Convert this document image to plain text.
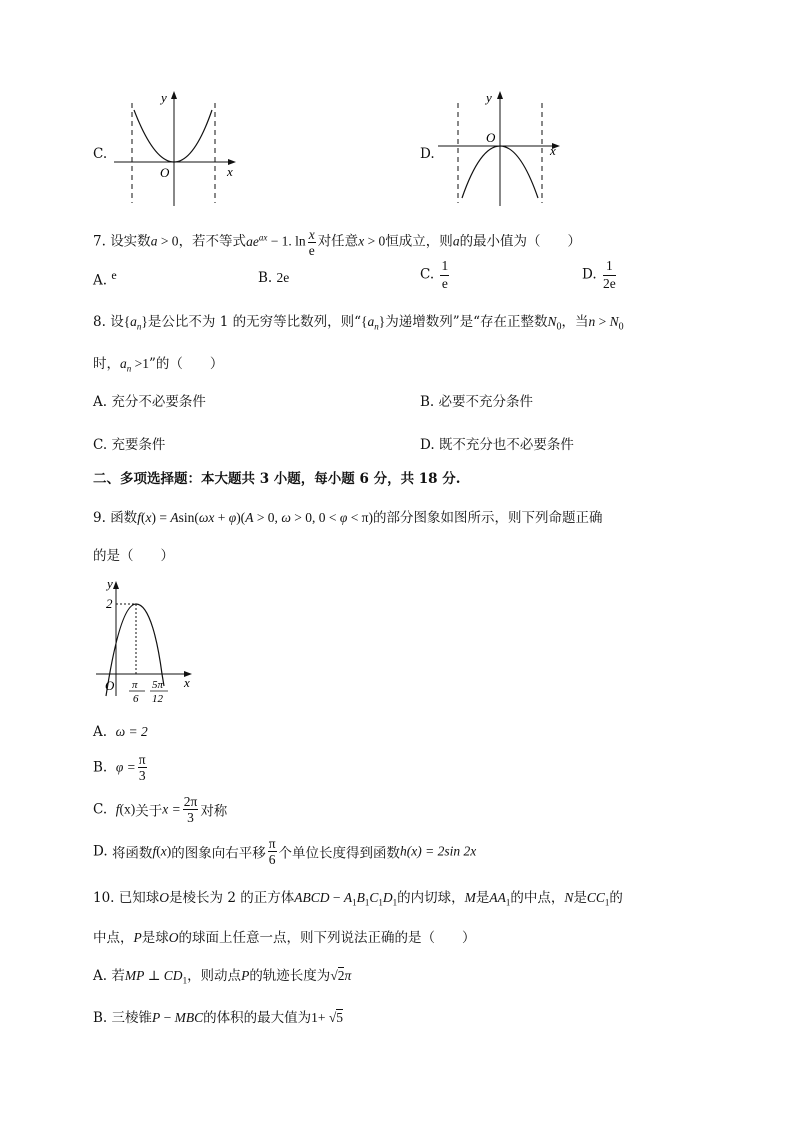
C.
y
x
O
D.
y
x
O
7. 设实数a > 0，若不等式$ae^{ax} - 1$. $\ln \frac{x}{e}$ 对任意x > 0恒成立，则a的最小值为（　　）
A. $^e$	B. 2e	C. $\frac{1}{e}$	D. $\frac{1}{2e}$
8. 设$\{a_n\}$是公比不为 1 的无穷等比数列，则“$\{a_n\}$为递增数列”是“存在正整数$N_0$，当$n > N_0$
时，$a_n >1$”的（　　）
A. 充分不必要条件	B. 必要不充分条件
C. 充要条件	D. 既不充分也不必要条件
二、多项选择题：本大题共 3 小题，每小题 6 分，共 18 分.
9. 函数f(x) = Asin(ωx + φ)(A > 0, ω > 0, 0 < φ < π)的部分图象如图所示，则下列命题正确
的是（　　）
y
2
O	x
π
6
5π
12
A. ω = 2
B. $\varphi = \frac{\pi}{3}$
C. f(x)关于$x = \frac{2\pi}{3}$ 对称
D. 将函数f(x)的图象向右平移 $\frac{\pi}{6}$ 个单位长度得到函数h(x) = 2sin 2x
10. 已知球O是棱长为 2 的正方体ABCD − $A_1B_1C_1D_1$的内切球，M是$AA_1$的中点，N是$CC_1$的
中点，P是球O的球面上任意一点，则下列说法正确的是（　　）
A. 若MP ⊥ $CD_1$，则动点P的轨迹长度为√2π
B. 三棱锥P − MBC的体积的最大值为1+ √5
